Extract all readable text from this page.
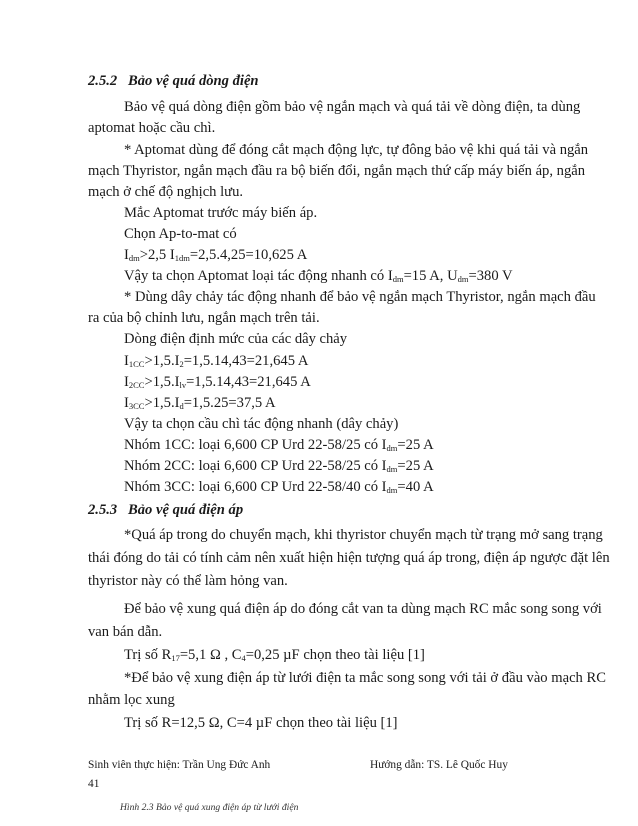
2.5.2 Bảo vệ quá dòng điện
Bảo vệ quá dòng điện gồm bảo vệ ngắn mạch và quá tải về dòng điện, ta dùng
aptomat hoặc cầu chì.
* Aptomat dùng để đóng cắt mạch động lực, tự đông bảo vệ khi quá tải và ngắn
mạch Thyristor, ngắn mạch đầu ra bộ biến đổi, ngắn mạch thứ cấp máy biến áp, ngắn
mạch ở chế độ nghịch lưu.
Mắc Aptomat trước máy biến áp.
Chọn Ap-to-mat có
$I_{dm}>2,5$ $I_{1dm}=2,5.4,25=10,625$ A
Vậy ta chọn Aptomat loại tác động nhanh có $I_{dm}=15$ A, $U_{dm}=380$ V
* Dùng dây chảy tác động nhanh để bảo vệ ngắn mạch Thyristor, ngắn mạch đầu
ra của bộ chỉnh lưu, ngắn mạch trên tải.
Dòng điện định mức của các dây chảy
$I_{1CC}>1,5.I_2=1,5.14,43=21,645$ A
$I_{2CC}>1,5.I_{lv}=1,5.14,43=21,645$ A
$I_{3CC}>1,5.I_d=1,5.25=37,5$ A
Vậy ta chọn cầu chì tác động nhanh (dây chảy)
Nhóm 1CC: loại 6,600 CP Urd 22-58/25 có $I_{dm}=25$ A
Nhóm 2CC: loại 6,600 CP Urd 22-58/25 có $I_{dm}=25$ A
Nhóm 3CC: loại 6,600 CP Urd 22-58/40 có $I_{dm}=40$ A
2.5.3 Bảo vệ quá điện áp
*Quá áp trong do chuyển mạch, khi thyristor chuyển mạch từ trạng mở sang trạng
thái đóng do tải có tính cảm nên xuất hiện hiện tượng quá áp trong, điện áp ngược đặt lên
thyristor này có thể làm hỏng van.
Để bảo vệ xung quá điện áp do đóng cắt van ta dùng mạch RC mắc song song với
van bán dẫn.
Trị số $R_{17}=5,1$ Ω , $C_4=0,25$ µF chọn theo tài liệu [1]
*Để bảo vệ xung điện áp từ lưới điện ta mắc song song với tải ở đầu vào mạch RC
nhằm lọc xung
Trị số R=12,5 Ω, C=4 µF chọn theo tài liệu [1]
Sinh viên thực hiện: Trần Ung Đức Anh	Hướng dẫn: TS. Lê Quốc Huy
41
Hình 2.3 Bảo vệ quá xung điện áp từ lưới điện
